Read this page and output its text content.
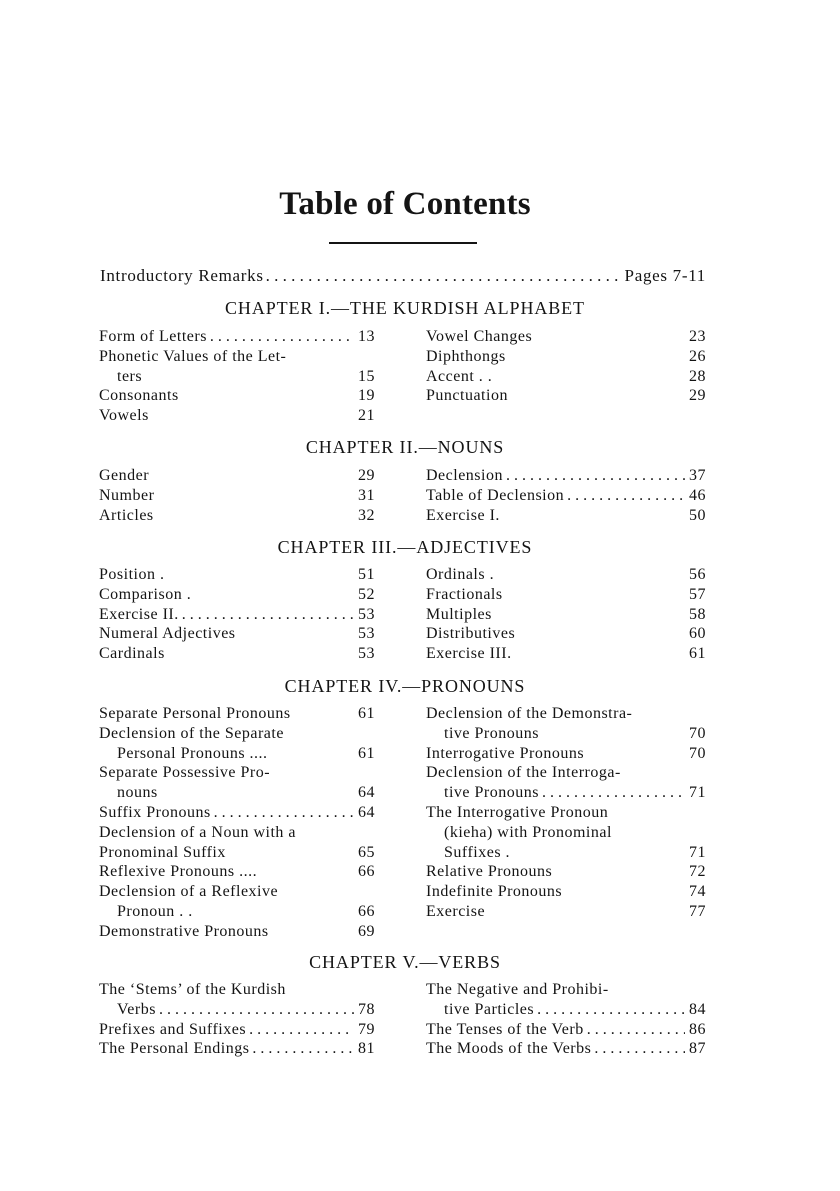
Table of Contents
Introductory Remarks . . .	Pages 7-11
CHAPTER I.—THE KURDISH ALPHABET
Form of Letters . . .	13
Phonetic Values of the Let-
ters	15
Consonants	19
Vowels	21
Vowel Changes	23
Diphthongs	26
Accent . .	28
Punctuation	29
CHAPTER II.—NOUNS
Gender	29
Number	31
Articles	32
Declension . . .	37
Table of Declension . . .	46
Exercise I.	50
CHAPTER III.—ADJECTIVES
Position .	51
Comparison .	52
Exercise II. . . .	53
Numeral Adjectives	53
Cardinals	53
Ordinals .	56
Fractionals	57
Multiples	58
Distributives	60
Exercise III.	61
CHAPTER IV.—PRONOUNS
Separate Personal Pronouns	61
Declension of the Separate
Personal Pronouns ....	61
Separate Possessive Pro-
nouns	64
Suffix Pronouns . . .	64
Declension of a Noun with a
Pronominal Suffix	65
Reflexive Pronouns ....	66
Declension of a Reflexive
Pronoun . .	66
Demonstrative Pronouns	69
Declension of the Demonstra-
tive Pronouns	70
Interrogative Pronouns	70
Declension of the Interroga-
tive Pronouns . . .	71
The Interrogative Pronoun
(kieha) with Pronominal
Suffixes .	71
Relative Pronouns	72
Indefinite Pronouns	74
Exercise	77
CHAPTER V.—VERBS
The ‘Stems’ of the Kurdish
Verbs . . .	78
Prefixes and Suffixes . . .	79
The Personal Endings . . .	81
The Negative and Prohibi-
tive Particles . . .	84
The Tenses of the Verb . . .	86
The Moods of the Verbs . . .	87
